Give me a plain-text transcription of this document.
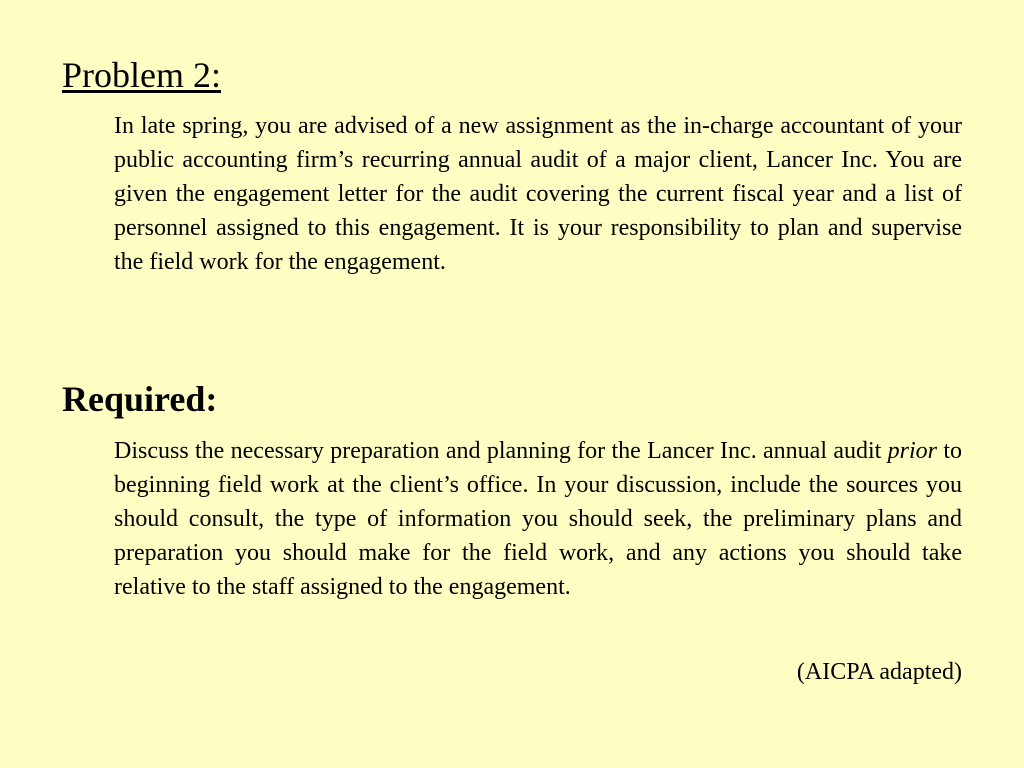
Problem 2:

In late spring, you are advised of a new assignment as the in-charge accountant of your public accounting firm’s recurring annual audit of a major client, Lancer Inc. You are given the engagement letter for the audit covering the current fiscal year and a list of personnel assigned to this engagement. It is your responsibility to plan and supervise the field work for the engagement.

Required:

Discuss the necessary preparation and planning for the Lancer Inc. annual audit prior to beginning field work at the client’s office. In your discussion, include the sources you should consult, the type of information you should seek, the preliminary plans and preparation you should make for the field work, and any actions you should take relative to the staff assigned to the engagement.

(AICPA adapted)
